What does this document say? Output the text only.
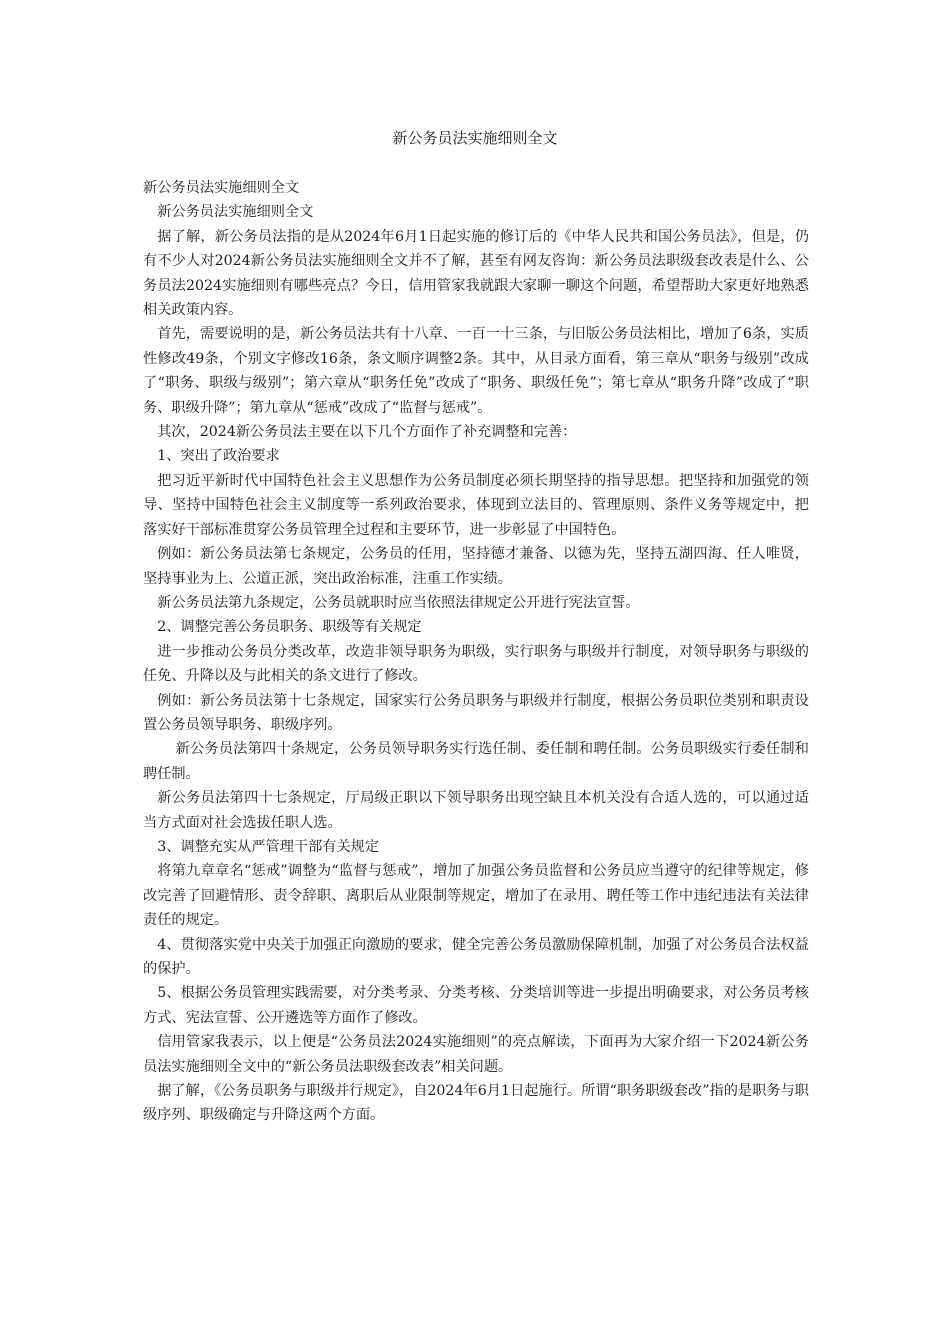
新公务员法实施细则全文

新公务员法实施细则全文

新公务员法实施细则全文

据了解，新公务员法指的是从2024年6月1日起实施的修订后的《中华人民共和国公务员法》，但是，仍有不少人对2024新公务员法实施细则全文并不了解，甚至有网友咨询：新公务员法职级套改表是什么、公务员法2024实施细则有哪些亮点？今日，信用管家我就跟大家聊一聊这个问题，希望帮助大家更好地熟悉相关政策内容。

首先，需要说明的是，新公务员法共有十八章、一百一十三条，与旧版公务员法相比，增加了6条，实质性修改49条，个别文字修改16条，条文顺序调整2条。其中，从目录方面看，第三章从“职务与级别”改成了“职务、职级与级别”；第六章从“职务任免”改成了“职务、职级任免”；第七章从“职务升降”改成了“职务、职级升降”；第九章从“惩戒”改成了“监督与惩戒”。

其次，2024新公务员法主要在以下几个方面作了补充调整和完善：

1、突出了政治要求

把习近平新时代中国特色社会主义思想作为公务员制度必须长期坚持的指导思想。把坚持和加强党的领导、坚持中国特色社会主义制度等一系列政治要求，体现到立法目的、管理原则、条件义务等规定中，把落实好干部标准贯穿公务员管理全过程和主要环节，进一步彰显了中国特色。

例如：新公务员法第七条规定，公务员的任用，坚持德才兼备、以德为先，坚持五湖四海、任人唯贤，坚持事业为上、公道正派，突出政治标准，注重工作实绩。

新公务员法第九条规定，公务员就职时应当依照法律规定公开进行宪法宣誓。

2、调整完善公务员职务、职级等有关规定

进一步推动公务员分类改革，改造非领导职务为职级，实行职务与职级并行制度，对领导职务与职级的任免、升降以及与此相关的条文进行了修改。

例如：新公务员法第十七条规定，国家实行公务员职务与职级并行制度，根据公务员职位类别和职责设置公务员领导职务、职级序列。

新公务员法第四十条规定，公务员领导职务实行选任制、委任制和聘任制。公务员职级实行委任制和聘任制。

新公务员法第四十七条规定，厅局级正职以下领导职务出现空缺且本机关没有合适人选的，可以通过适当方式面对社会选拔任职人选。

3、调整充实从严管理干部有关规定

将第九章章名“惩戒”调整为“监督与惩戒”，增加了加强公务员监督和公务员应当遵守的纪律等规定，修改完善了回避情形、责令辞职、离职后从业限制等规定，增加了在录用、聘任等工作中违纪违法有关法律责任的规定。

4、贯彻落实党中央关于加强正向激励的要求，健全完善公务员激励保障机制，加强了对公务员合法权益的保护。

5、根据公务员管理实践需要，对分类考录、分类考核、分类培训等进一步提出明确要求，对公务员考核方式、宪法宣誓、公开遴选等方面作了修改。

信用管家我表示，以上便是“公务员法2024实施细则”的亮点解读，下面再为大家介绍一下2024新公务员法实施细则全文中的“新公务员法职级套改表”相关问题。

据了解，《公务员职务与职级并行规定》，自2024年6月1日起施行。所谓“职务职级套改”指的是职务与职级序列、职级确定与升降这两个方面。
